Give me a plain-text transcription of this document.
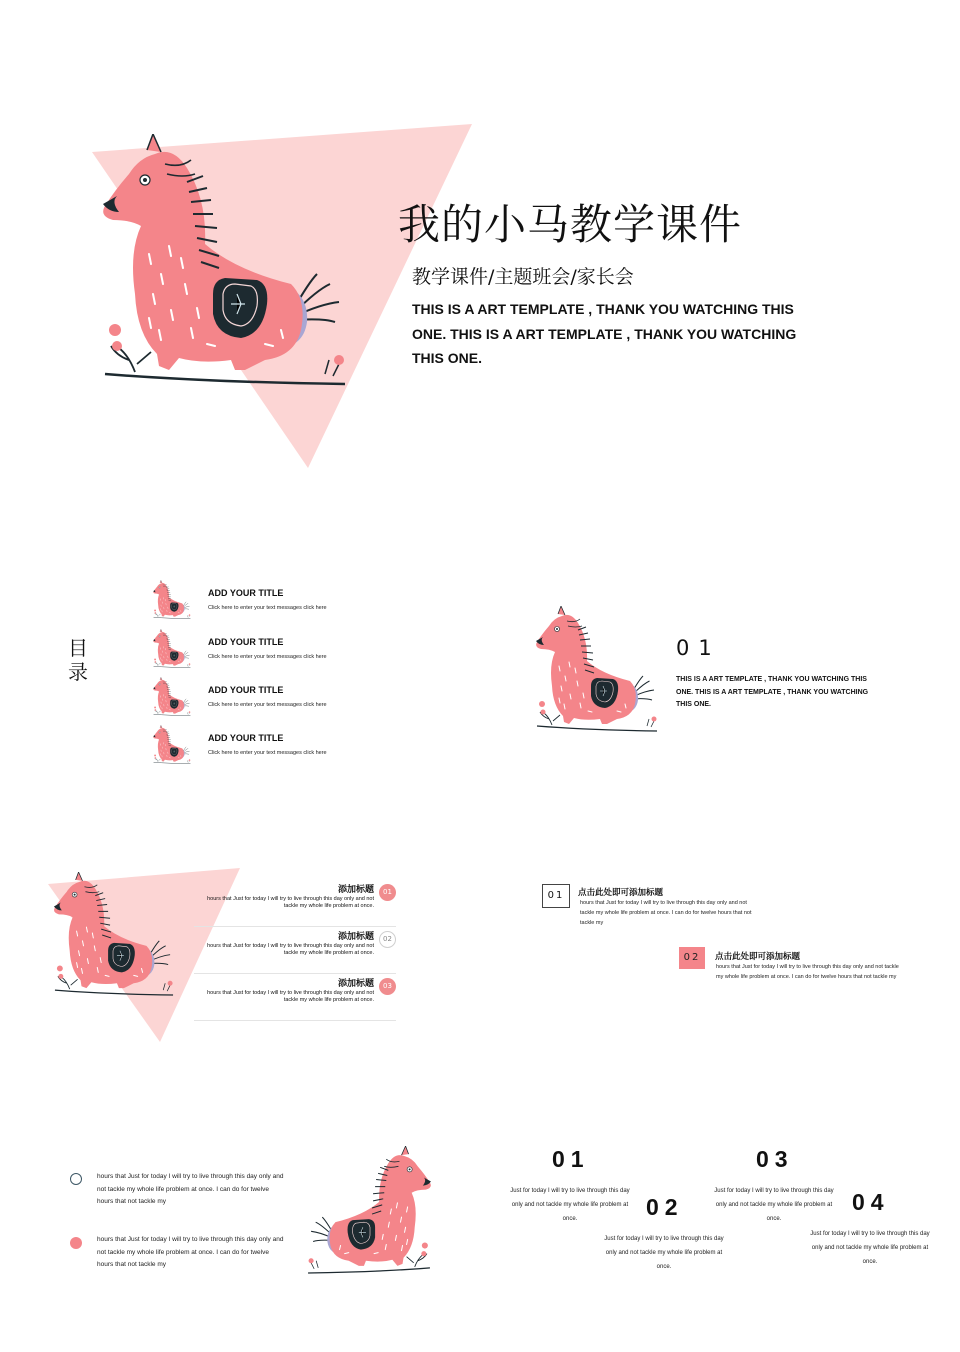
我的小马教学课件
教学课件/主题班会/家长会
THIS IS A ART TEMPLATE , THANK YOU WATCHING THIS ONE. THIS IS A ART TEMPLATE , THANK YOU WATCHING THIS ONE.
目录
ADD YOUR TITLE
Click here to enter your text messages click here
ADD YOUR TITLE
Click here to enter your text messages click here
ADD YOUR TITLE
Click here to enter your text messages click here
ADD YOUR TITLE
Click here to enter your text messages click here
01
THIS IS A ART TEMPLATE , THANK YOU WATCHING THIS ONE. THIS IS A ART TEMPLATE , THANK YOU WATCHING THIS ONE.
添加标题
hours that Just for today I will try to live through this day only and not tackle my whole life problem at once.
01
添加标题
hours that Just for today I will try to live through this day only and not tackle my whole life problem at once.
02
添加标题
hours that Just for today I will try to live through this day only and not tackle my whole life problem at once.
03
01	点击此处即可添加标题
hours that Just for today I will try to live through this day only and not tackle my whole life problem at once. I can do for twelve hours that not tackle my
02	点击此处即可添加标题
hours that Just for today I will try to live through this day only and not tackle my whole life problem at once. I can do for twelve hours that not tackle my
hours that Just for today I will try to live through this day only and not tackle my whole life problem at once. I can do for twelve hours that not tackle my
hours that Just for today I will try to live through this day only and not tackle my whole life problem at once. I can do for twelve hours that not tackle my
01
Just for today I will try to live through this day only and not tackle my whole life problem at once.	02
Just for today I will try to live through this day only and not tackle my whole life problem at once.
03
Just for today I will try to live through this day only and not tackle my whole life problem at once.
04
Just for today I will try to live through this day only and not tackle my whole life problem at once.
